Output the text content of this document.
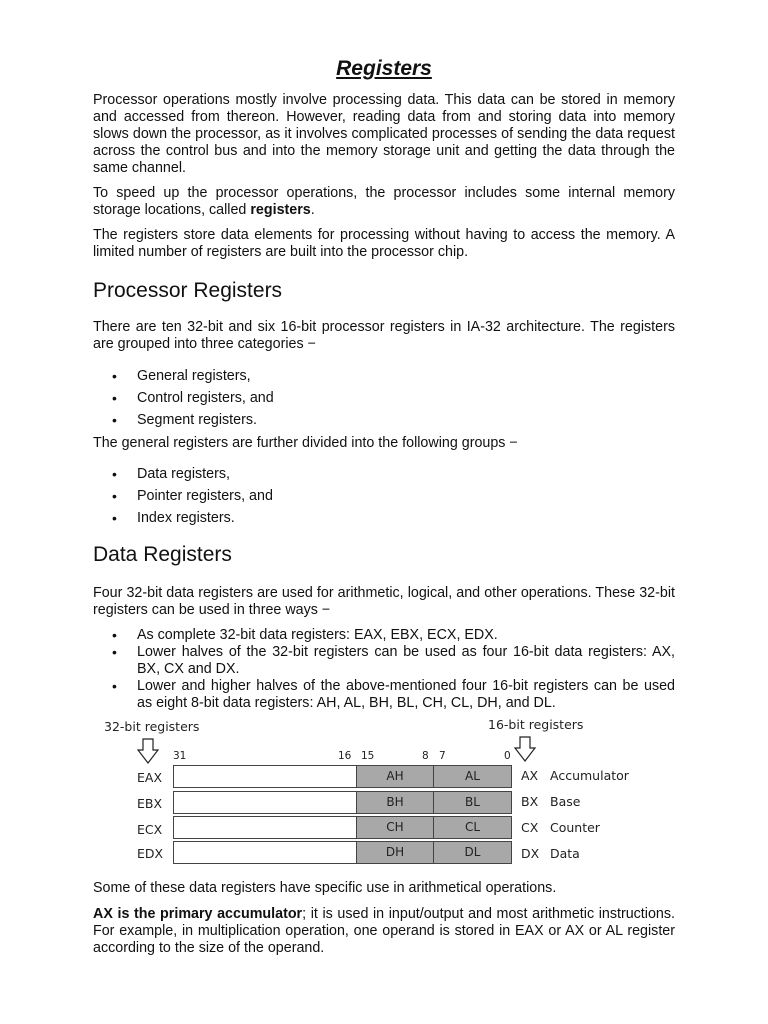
Registers

Processor operations mostly involve processing data. This data can be stored in memory and accessed from thereon. However, reading data from and storing data into memory slows down the processor, as it involves complicated processes of sending the data request across the control bus and into the memory storage unit and getting the data through the same channel.

To speed up the processor operations, the processor includes some internal memory storage locations, called registers.

The registers store data elements for processing without having to access the memory. A limited number of registers are built into the processor chip.

Processor Registers

There are ten 32-bit and six 16-bit processor registers in IA-32 architecture. The registers are grouped into three categories −

• General registers,
• Control registers, and
• Segment registers.

The general registers are further divided into the following groups −

• Data registers,
• Pointer registers, and
• Index registers.
Data Registers

Four 32-bit data registers are used for arithmetic, logical, and other operations. These 32-bit registers can be used in three ways −

• As complete 32-bit data registers: EAX, EBX, ECX, EDX.
• Lower halves of the 32-bit registers can be used as four 16-bit data registers: AX, BX, CX and DX.
• Lower and higher halves of the above-mentioned four 16-bit registers can be used as eight 8-bit data registers: AH, AL, BH, BL, CH, CL, DH, and DL.
32-bit registers	16-bit registers
31	16 15	8 7	0
EAX	AH	AL	AX Accumulator
EBX	BH	BL	BX Base
ECX	CH	CL	CX Counter
EDX	DH	DL	DX Data

Some of these data registers have specific use in arithmetical operations.

AX is the primary accumulator; it is used in input/output and most arithmetic instructions. For example, in multiplication operation, one operand is stored in EAX or AX or AL register according to the size of the operand.
